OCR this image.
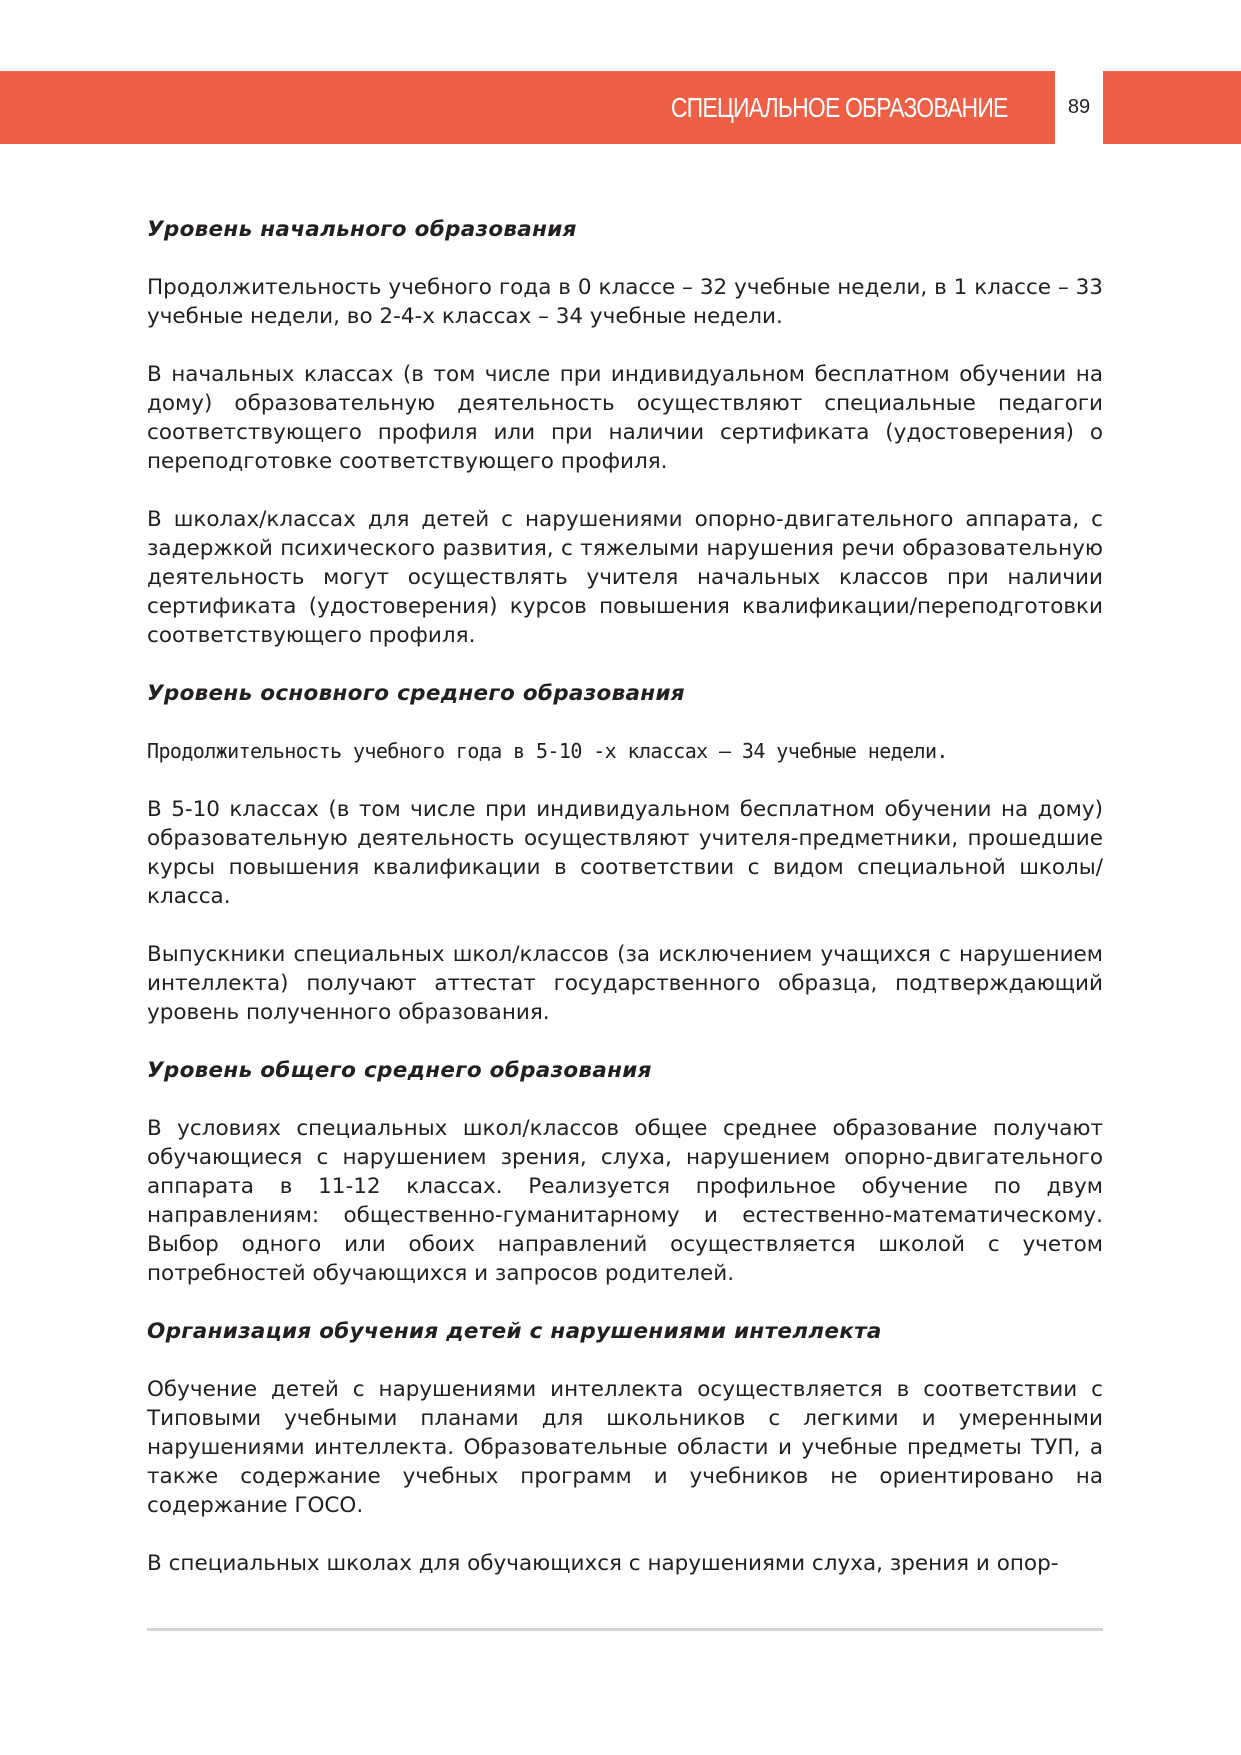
СПЕЦИАЛЬНОЕ ОБРАЗОВАНИЕ	89
Уровень начального образования

Продолжительность учебного года в 0 классе – 32 учебные недели, в 1 классе – 33 учебные недели, во 2-4-х классах – 34 учебные недели.

В начальных классах (в том числе при индивидуальном бесплатном обучении на дому) образовательную деятельность осуществляют специальные педагоги соответствующего профиля или при наличии сертификата (удостоверения) о переподготовке соответствующего профиля.

В школах/классах для детей с нарушениями опорно-двигательного аппарата, с задержкой психического развития, с тяжелыми нарушения речи образовательную деятельность могут осуществлять учителя начальных классов при наличии сертификата (удостоверения) курсов повышения квалификации/переподготовки соответствующего профиля.

Уровень основного среднего образования

Продолжительность учебного года в 5-10 -х классах – 34 учебные недели.

В 5-10 классах (в том числе при индивидуальном бесплатном обучении на дому) образовательную деятельность осуществляют учителя-предметники, прошедшие курсы повышения квалификации в соответствии с видом специальной школы/класса.

Выпускники специальных школ/классов (за исключением учащихся с нарушением интеллекта) получают аттестат государственного образца, подтверждающий уровень полученного образования.

Уровень общего среднего образования

В условиях специальных школ/классов общее среднее образование получают обучающиеся с нарушением зрения, слуха, нарушением опорно-двигательного аппарата в 11-12 классах. Реализуется профильное обучение по двум направлениям: общественно-гуманитарному и естественно-математическому. Выбор одного или обоих направлений осуществляется школой с учетом потребностей обучающихся и запросов родителей.

Организация обучения детей с нарушениями интеллекта

Обучение детей с нарушениями интеллекта осуществляется в соответствии с Типовыми учебными планами для школьников с легкими и умеренными нарушениями интеллекта. Образовательные области и учебные предметы ТУП, а также содержание учебных программ и учебников не ориентировано на содержание ГОСО.

В специальных школах для обучающихся с нарушениями слуха, зрения и опор-
